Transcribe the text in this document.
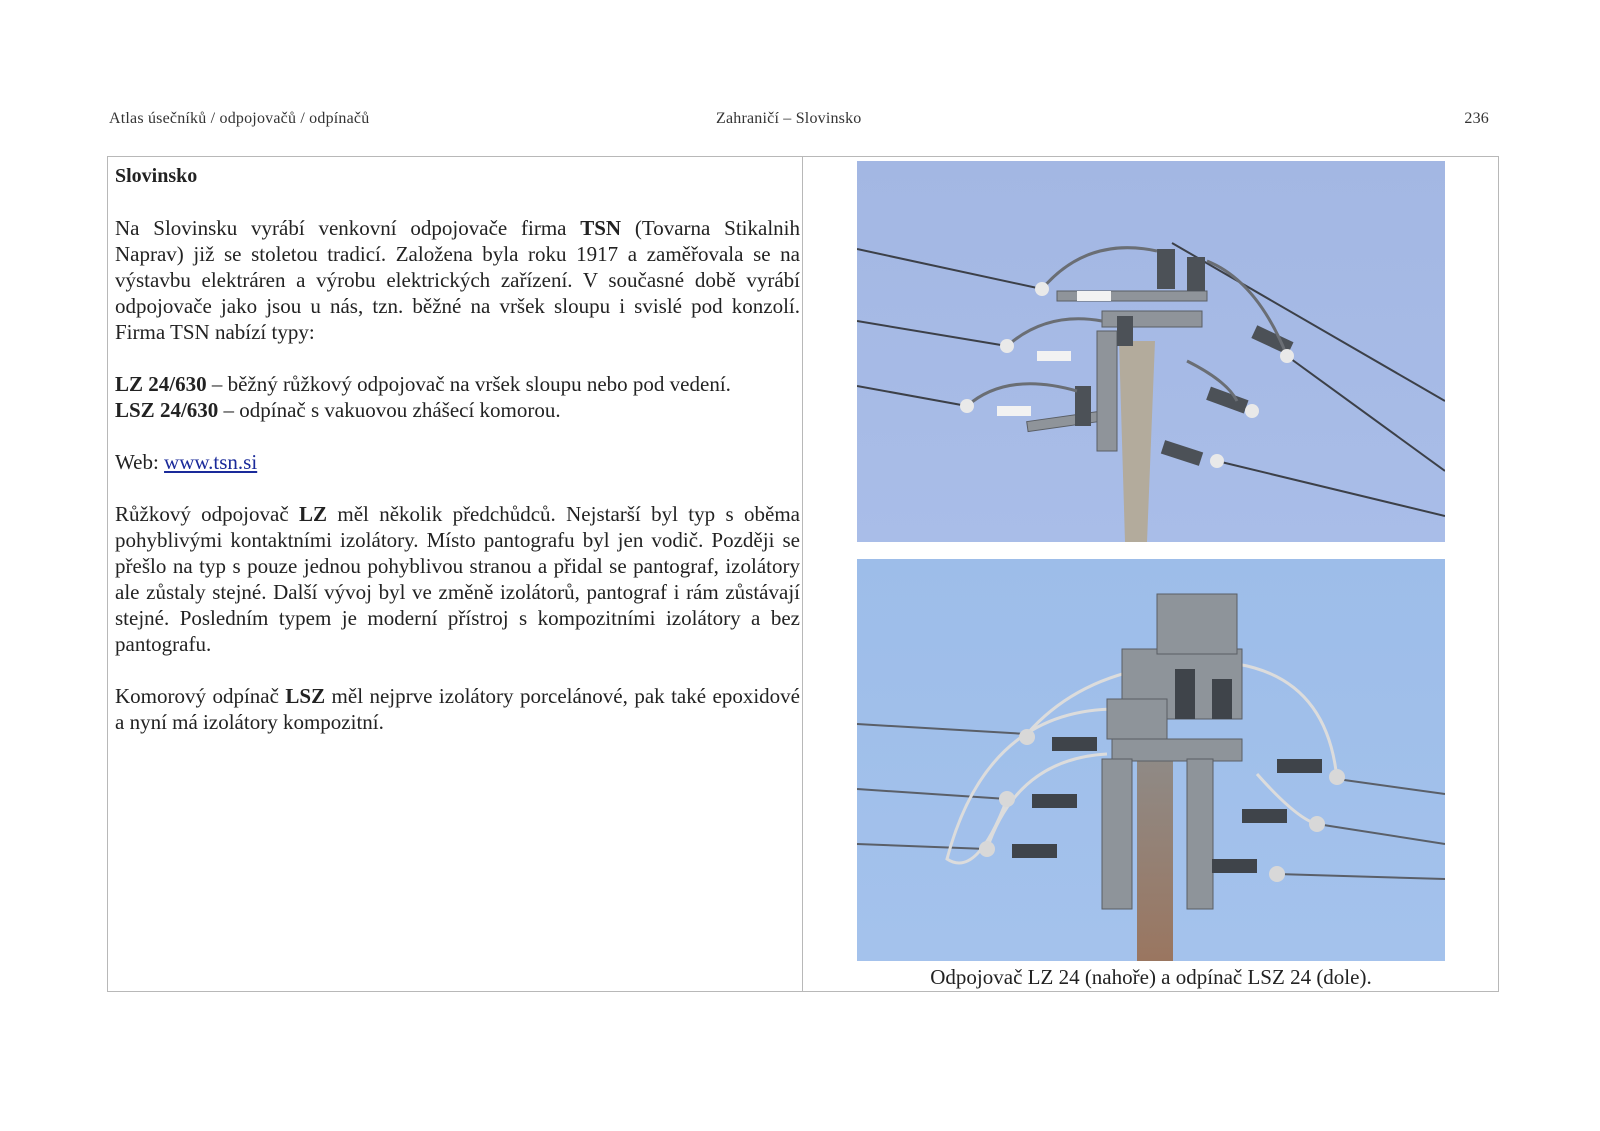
Atlas úsečníků / odpojovačů / odpínačů	Zahraničí – Slovinsko	236

Slovinsko

Na Slovinsku vyrábí venkovní odpojovače firma TSN (Tovarna Stikalnih Naprav) již se stoletou tradicí. Založena byla roku 1917 a zaměřovala se na výstavbu elektráren a výrobu elektrických zařízení. V současné době vyrábí odpojovače jako jsou u nás, tzn. běžné na vršek sloupu i svislé pod konzolí. Firma TSN nabízí typy:

LZ 24/630 – běžný růžkový odpojovač na vršek sloupu nebo pod vedení.
LSZ 24/630 – odpínač s vakuovou zhášecí komorou.

Web: www.tsn.si

Růžkový odpojovač LZ měl několik předchůdců. Nejstarší byl typ s oběma pohyblivými kontaktními izolátory. Místo pantografu byl jen vodič. Později se přešlo na typ s pouze jednou pohyblivou stranou a přidal se pantograf, izolátory ale zůstaly stejné. Další vývoj byl ve změně izolátorů, pantograf i rám zůstávají stejné. Posledním typem je moderní přístroj s kompozitními izolátory a bez pantografu.

Komorový odpínač LSZ měl nejprve izolátory porcelánové, pak také epoxidové a nyní má izolátory kompozitní.

Odpojovač LZ 24 (nahoře) a odpínač LSZ 24 (dole).
